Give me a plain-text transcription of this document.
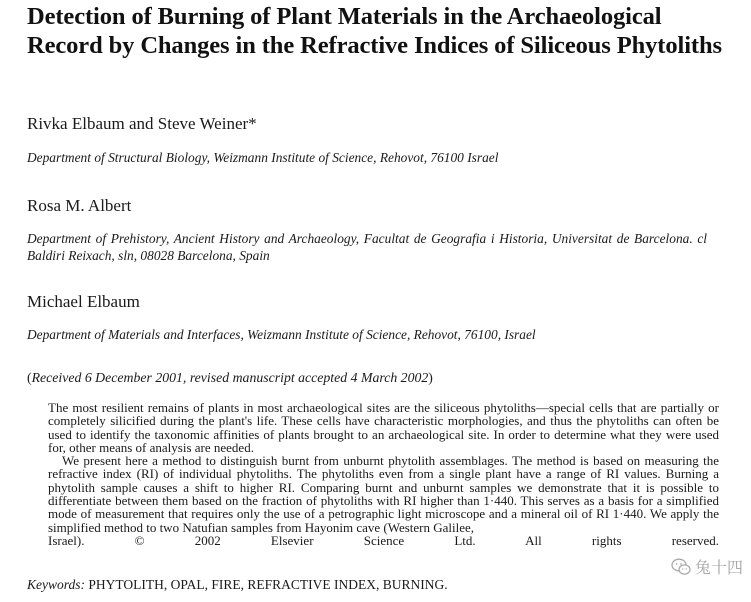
Detection of Burning of Plant Materials in the Archaeological Record by Changes in the Refractive Indices of Siliceous Phytoliths
Rivka Elbaum and Steve Weiner*
Department of Structural Biology, Weizmann Institute of Science, Rehovot, 76100 Israel
Rosa M. Albert
Department of Prehistory, Ancient History and Archaeology, Facultat de Geografia i Historia, Universitat de Barcelona. cl Baldiri Reixach, sln, 08028 Barcelona, Spain
Michael Elbaum
Department of Materials and Interfaces, Weizmann Institute of Science, Rehovot, 76100, Israel
(Received 6 December 2001, revised manuscript accepted 4 March 2002)

The most resilient remains of plants in most archaeological sites are the siliceous phytoliths—special cells that are partially or completely silicified during the plant's life. These cells have characteristic morphologies, and thus the phytoliths can often be used to identify the taxonomic affinities of plants brought to an archaeological site. In order to determine what they were used for, other means of analysis are needed.

We present here a method to distinguish burnt from unburnt phytolith assemblages. The method is based on measuring the refractive index (RI) of individual phytoliths. The phytoliths even from a single plant have a range of RI values. Burning a phytolith sample causes a shift to higher RI. Comparing burnt and unburnt samples we demonstrate that it is possible to differentiate between them based on the fraction of phytoliths with RI higher than 1·440. This serves as a basis for a simplified mode of measurement that requires only the use of a petrographic light microscope and a mineral oil of RI 1·440. We apply the simplified method to two Natufian samples from Hayonim cave (Western Galilee,

Israel).	© 2002 Elsevier Science Ltd. All rights reserved.

Keywords: PHYTOLITH, OPAL, FIRE, REFRACTIVE INDEX, BURNING.
兔十四
